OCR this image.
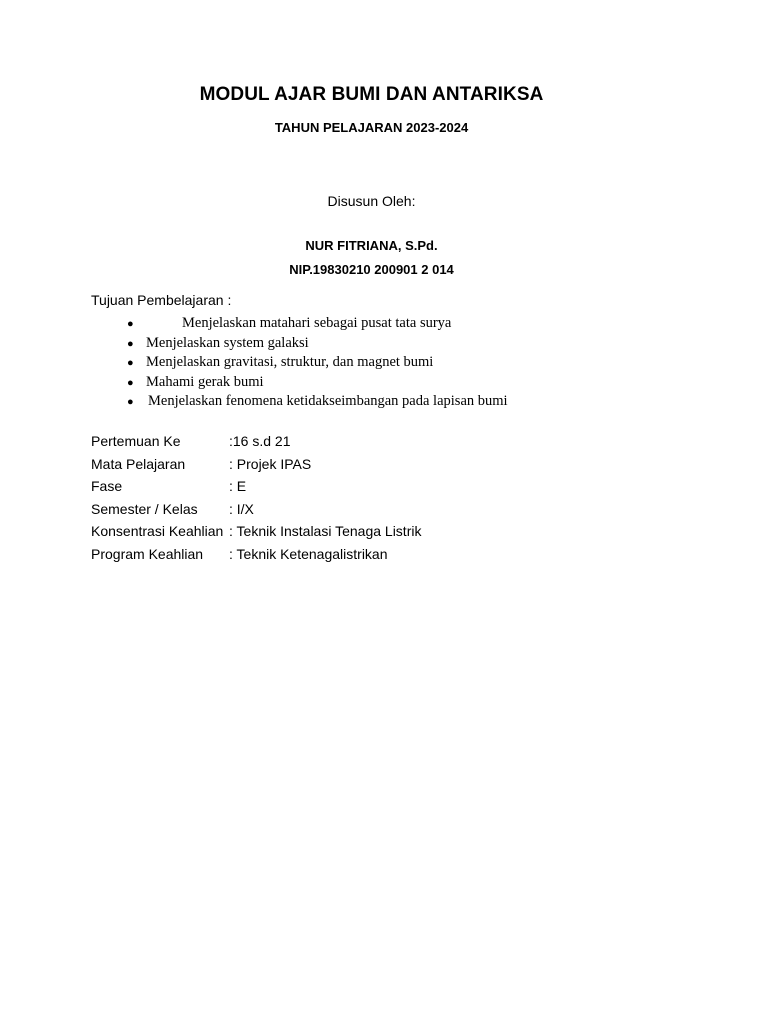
MODUL AJAR BUMI DAN ANTARIKSA
TAHUN PELAJARAN 2023-2024
Disusun Oleh:
NUR FITRIANA, S.Pd.
NIP.19830210 200901 2 014
Tujuan Pembelajaran :
●	Menjelaskan matahari sebagai pusat tata surya
● Menjelaskan system galaksi
● Menjelaskan gravitasi, struktur, dan magnet bumi
● Mahami gerak bumi
● Menjelaskan fenomena ketidakseimbangan pada lapisan bumi
Pertemuan Ke	:16 s.d 21
Mata Pelajaran	: Projek IPAS
Fase	: E
Semester / Kelas : I/X
Konsentrasi Keahlian : Teknik Instalasi Tenaga Listrik
Program Keahlian : Teknik Ketenagalistrikan
